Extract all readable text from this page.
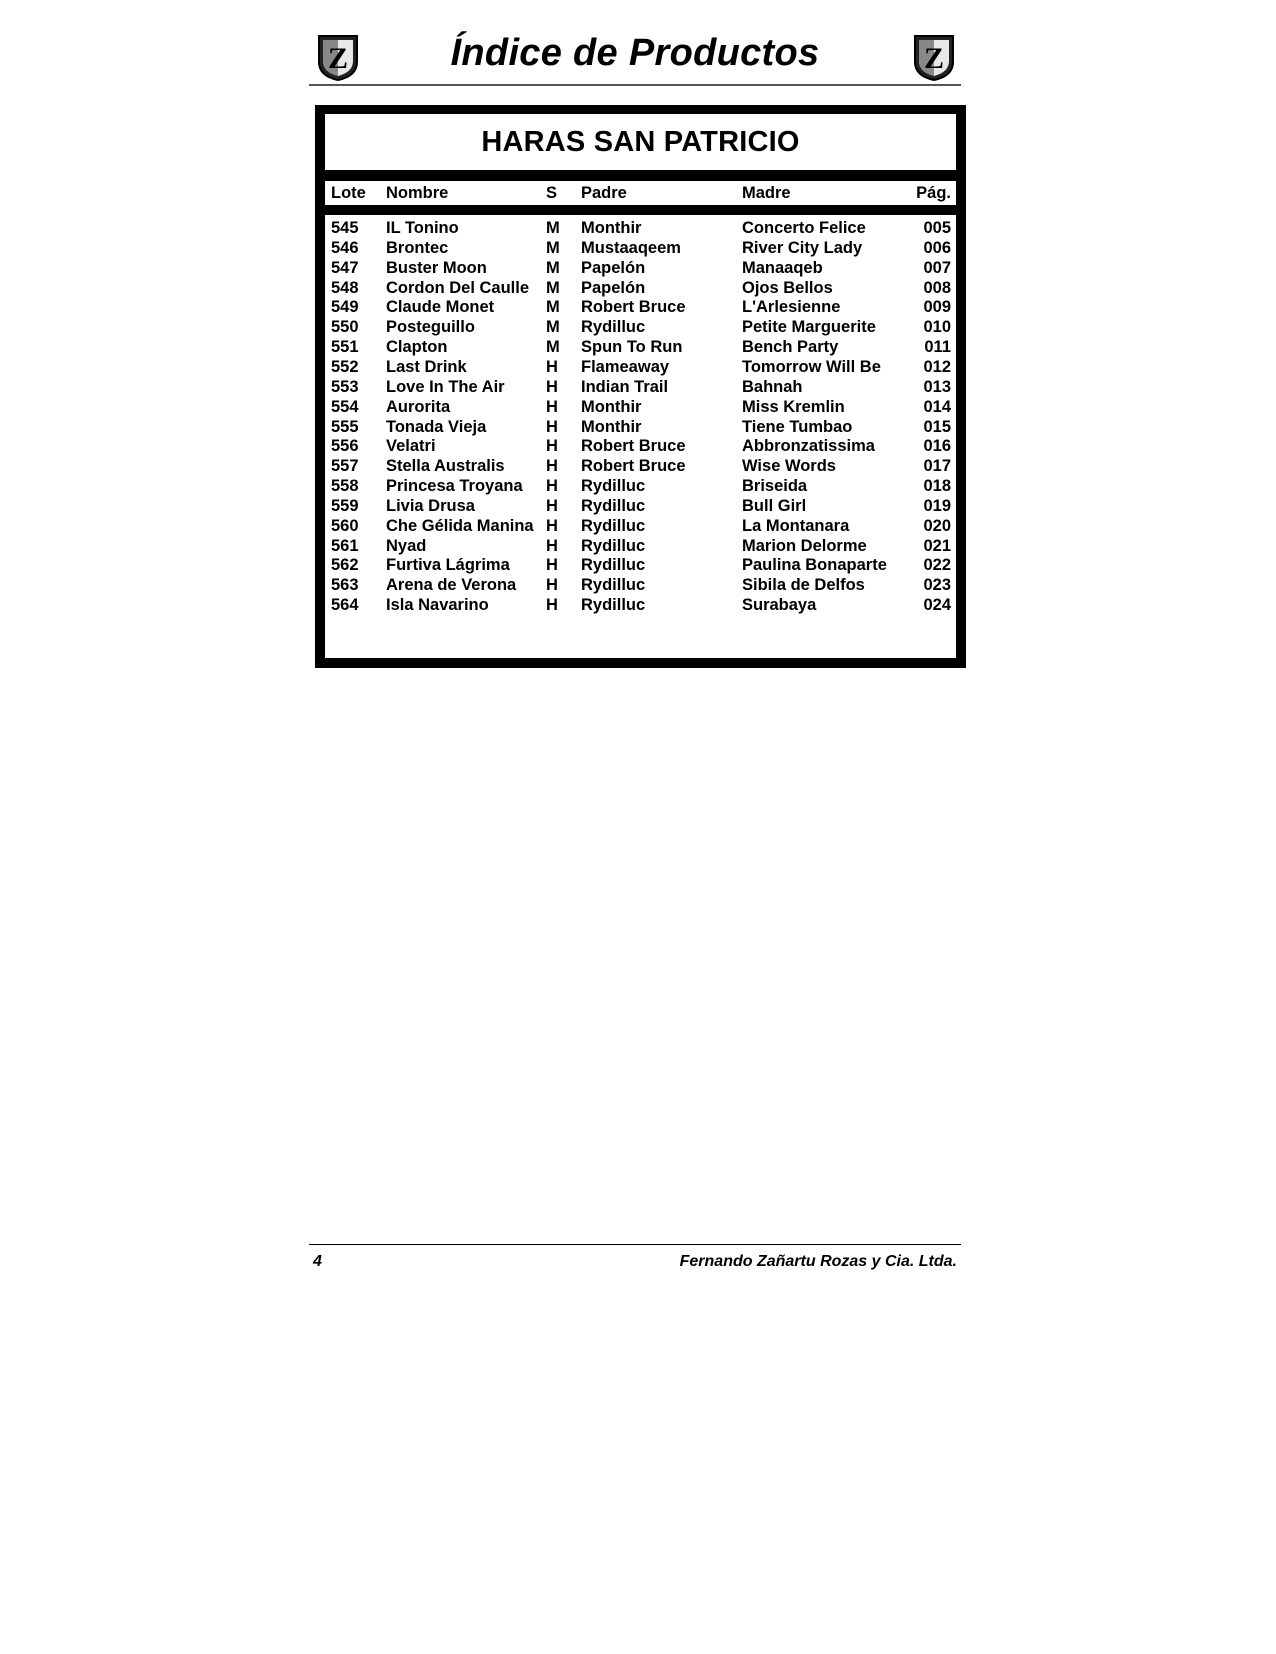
Z	Índice de Productos	Z
HARAS SAN PATRICIO
Lote Nombre	S Padre	Madre	Pág.
545 IL Tonino	M Monthir	Concerto Felice	005
546 Brontec	M Mustaaqeem	River City Lady	006
547 Buster Moon	M Papelón	Manaaqeb	007
548 Cordon Del Caulle M Papelón	Ojos Bellos	008
549 Claude Monet	M Robert Bruce	L'Arlesienne	009
550 Posteguillo	M Rydilluc	Petite Marguerite	010
551 Clapton	M Spun To Run	Bench Party	011
552 Last Drink	H Flameaway	Tomorrow Will Be	012
553 Love In The Air	H Indian Trail	Bahnah	013
554 Aurorita	H Monthir	Miss Kremlin	014
555 Tonada Vieja	H Monthir	Tiene Tumbao	015
556 Velatri	H Robert Bruce	Abbronzatissima	016
557 Stella Australis	H Robert Bruce	Wise Words	017
558 Princesa Troyana H Rydilluc	Briseida	018
559 Livia Drusa	H Rydilluc	Bull Girl	019
560 Che Gélida Manina H Rydilluc	La Montanara	020
561 Nyad	H Rydilluc	Marion Delorme	021
562 Furtiva Lágrima H Rydilluc	Paulina Bonaparte 022
563 Arena de Verona H Rydilluc	Sibila de Delfos	023
564 Isla Navarino	H Rydilluc	Surabaya	024
4	Fernando Zañartu Rozas y Cia. Ltda.
